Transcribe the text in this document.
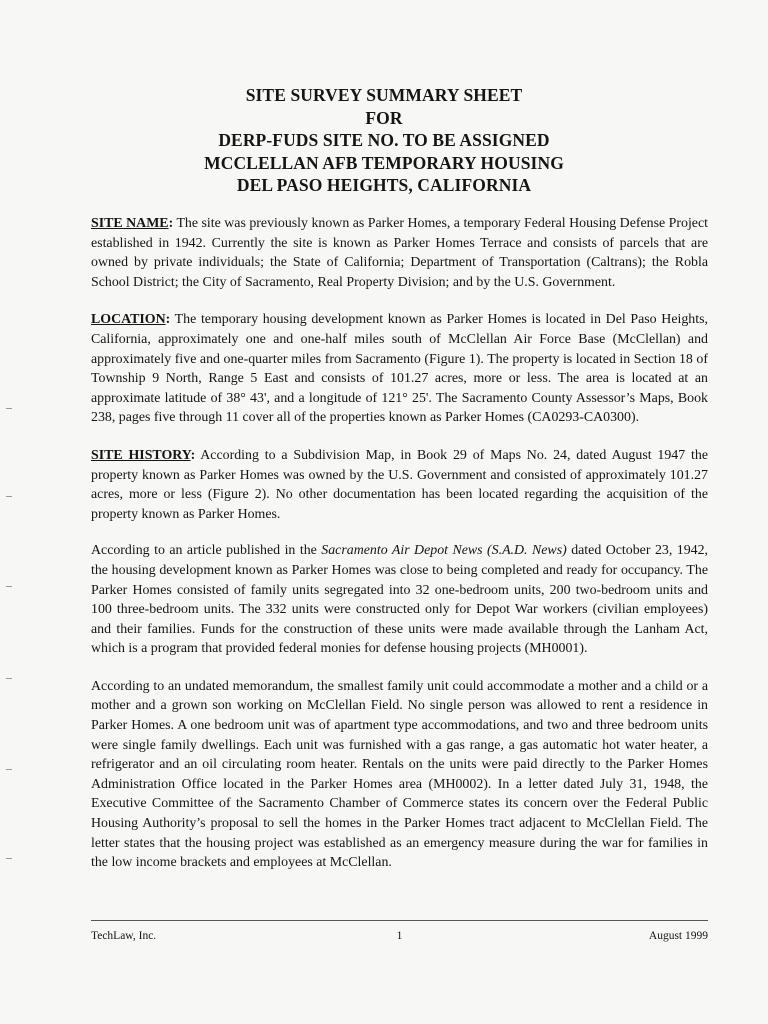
SITE SURVEY SUMMARY SHEET
FOR
DERP-FUDS SITE NO. TO BE ASSIGNED
MCCLELLAN AFB TEMPORARY HOUSING
DEL PASO HEIGHTS, CALIFORNIA

SITE NAME: The site was previously known as Parker Homes, a temporary Federal Housing Defense Project established in 1942. Currently the site is known as Parker Homes Terrace and consists of parcels that are owned by private individuals; the State of California; Department of Transportation (Caltrans); the Robla School District; the City of Sacramento, Real Property Division; and by the U.S. Government.

LOCATION: The temporary housing development known as Parker Homes is located in Del Paso Heights, California, approximately one and one-half miles south of McClellan Air Force Base (McClellan) and approximately five and one-quarter miles from Sacramento (Figure 1). The property is located in Section 18 of Township 9 North, Range 5 East and consists of 101.27 acres, more or less. The area is located at an approximate latitude of 38° 43', and a longitude of 121° 25'. The Sacramento County Assessor’s Maps, Book 238, pages five through 11 cover all of the properties known as Parker Homes (CA0293-CA0300).

SITE HISTORY: According to a Subdivision Map, in Book 29 of Maps No. 24, dated August 1947 the property known as Parker Homes was owned by the U.S. Government and consisted of approximately 101.27 acres, more or less (Figure 2). No other documentation has been located regarding the acquisition of the property known as Parker Homes.

According to an article published in the Sacramento Air Depot News (S.A.D. News) dated October 23, 1942, the housing development known as Parker Homes was close to being completed and ready for occupancy. The Parker Homes consisted of family units segregated into 32 one-bedroom units, 200 two-bedroom units and 100 three-bedroom units. The 332 units were constructed only for Depot War workers (civilian employees) and their families. Funds for the construction of these units were made available through the Lanham Act, which is a program that provided federal monies for defense housing projects (MH0001).

According to an undated memorandum, the smallest family unit could accommodate a mother and a child or a mother and a grown son working on McClellan Field. No single person was allowed to rent a residence in Parker Homes. A one bedroom unit was of apartment type accommodations, and two and three bedroom units were single family dwellings. Each unit was furnished with a gas range, a gas automatic hot water heater, a refrigerator and an oil circulating room heater. Rentals on the units were paid directly to the Parker Homes Administration Office located in the Parker Homes area (MH0002). In a letter dated July 31, 1948, the Executive Committee of the Sacramento Chamber of Commerce states its concern over the Federal Public Housing Authority’s proposal to sell the homes in the Parker Homes tract adjacent to McClellan Field. The letter states that the housing project was established as an emergency measure during the war for families in the low income brackets and employees at McClellan.

TechLaw, Inc.	1	August 1999
